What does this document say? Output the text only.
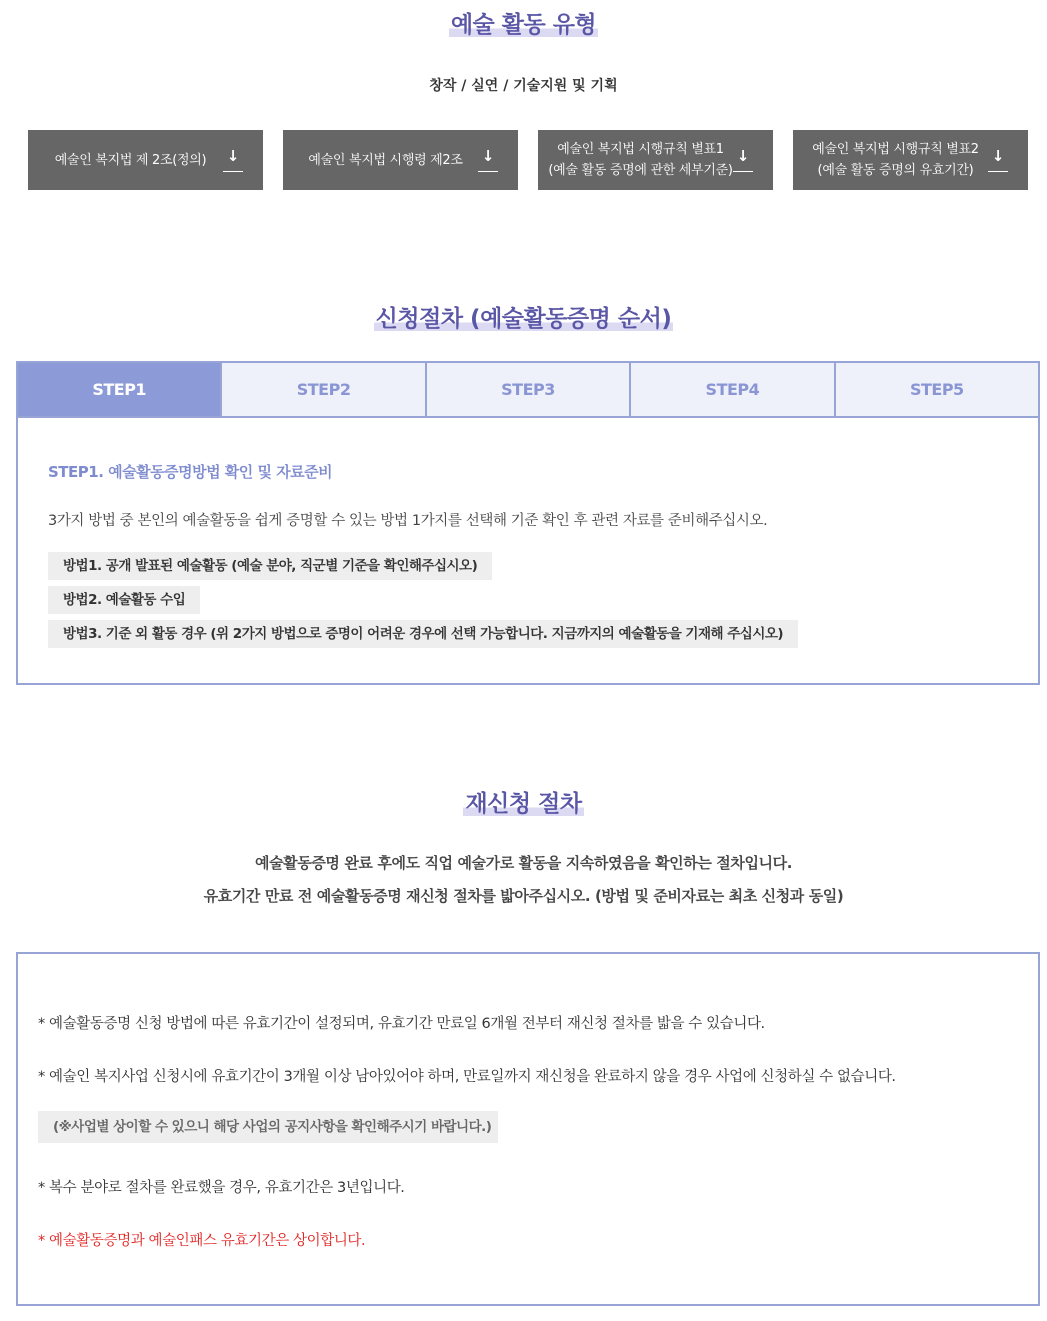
예술 활동 유형
창작 / 실연 / 기술지원 및 기획
예술인 복지법 제 2조(정의) ↓	예술인 복지법 시행령 제2조 ↓	예술인 복지법 시행규칙 별표1
(예술 활동 증명에 관한 세부기준)
↓	예술인 복지법 시행규칙 별표2
(예술 활동 증명의 유효기간)
↓
신청절차 (예술활동증명 순서)
STEP1	STEP2	STEP3	STEP4	STEP5
STEP1. 예술활동증명방법 확인 및 자료준비
3가지 방법 중 본인의 예술활동을 쉽게 증명할 수 있는 방법 1가지를 선택해 기준 확인 후 관련 자료를 준비해주십시오.
방법1. 공개 발표된 예술활동 (예술 분야, 직군별 기준을 확인해주십시오)
방법2. 예술활동 수입
방법3. 기준 외 활동 경우 (위 2가지 방법으로 증명이 어려운 경우에 선택 가능합니다. 지금까지의 예술활동을 기재해 주십시오)
재신청 절차
예술활동증명 완료 후에도 직업 예술가로 활동을 지속하였음을 확인하는 절차입니다.
유효기간 만료 전 예술활동증명 재신청 절차를 밟아주십시오. (방법 및 준비자료는 최초 신청과 동일)
* 예술활동증명 신청 방법에 따른 유효기간이 설정되며, 유효기간 만료일 6개월 전부터 재신청 절차를 밟을 수 있습니다.
* 예술인 복지사업 신청시에 유효기간이 3개월 이상 남아있어야 하며, 만료일까지 재신청을 완료하지 않을 경우 사업에 신청하실 수 없습니다.
(※사업별 상이할 수 있으니 해당 사업의 공지사항을 확인해주시기 바랍니다.)
* 복수 분야로 절차를 완료했을 경우, 유효기간은 3년입니다.
* 예술활동증명과 예술인패스 유효기간은 상이합니다.
